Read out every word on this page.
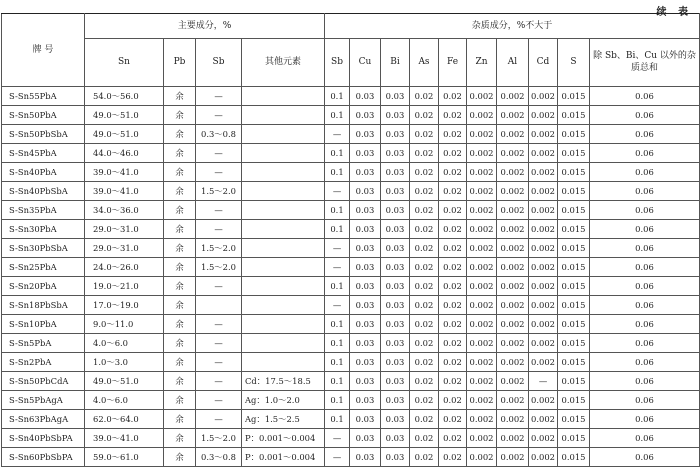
续 表
牌 号	主要成分，%				杂质成分，%不大于									
	Sn	Pb	Sb	其他元素	Sb	Cu	Bi	As	Fe	Zn	Al	Cd	S	除 Sb、Bi、Cu 以外的杂质总和
S-Sn55PbA	54.0～56.0	余	—		0.1	0.03	0.03	0.02	0.02	0.002	0.002	0.002	0.015	0.06
S-Sn50PbA	49.0～51.0	余	—		0.1	0.03	0.03	0.02	0.02	0.002	0.002	0.002	0.015	0.06
S-Sn50PbSbA	49.0～51.0	余	0.3～0.8		—	0.03	0.03	0.02	0.02	0.002	0.002	0.002	0.015	0.06
S-Sn45PbA	44.0～46.0	余	—		0.1	0.03	0.03	0.02	0.02	0.002	0.002	0.002	0.015	0.06
S-Sn40PbA	39.0～41.0	余	—		0.1	0.03	0.03	0.02	0.02	0.002	0.002	0.002	0.015	0.06
S-Sn40PbSbA	39.0～41.0	余	1.5～2.0		—	0.03	0.03	0.02	0.02	0.002	0.002	0.002	0.015	0.06
S-Sn35PbA	34.0～36.0	余	—		0.1	0.03	0.03	0.02	0.02	0.002	0.002	0.002	0.015	0.06
S-Sn30PbA	29.0～31.0	余	—		0.1	0.03	0.03	0.02	0.02	0.002	0.002	0.002	0.015	0.06
S-Sn30PbSbA	29.0～31.0	余	1.5～2.0		—	0.03	0.03	0.02	0.02	0.002	0.002	0.002	0.015	0.06
S-Sn25PbA	24.0～26.0	余	1.5～2.0		—	0.03	0.03	0.02	0.02	0.002	0.002	0.002	0.015	0.06
S-Sn20PbA	19.0～21.0	余	—		0.1	0.03	0.03	0.02	0.02	0.002	0.002	0.002	0.015	0.06
S-Sn18PbSbA	17.0～19.0	余			—	0.03	0.03	0.02	0.02	0.002	0.002	0.002	0.015	0.06
S-Sn10PbA	9.0～11.0	余	—		0.1	0.03	0.03	0.02	0.02	0.002	0.002	0.002	0.015	0.06
S-Sn5PbA	4.0～6.0	余	—		0.1	0.03	0.03	0.02	0.02	0.002	0.002	0.002	0.015	0.06
S-Sn2PbA	1.0～3.0	余	—		0.1	0.03	0.03	0.02	0.02	0.002	0.002	0.002	0.015	0.06
S-Sn50PbCdA	49.0～51.0	余	—	Cd：17.5～18.5	0.1	0.03	0.03	0.02	0.02	0.002	0.002	—	0.015	0.06
S-Sn5PbAgA	4.0～6.0	余	—	Ag：1.0～2.0	0.1	0.03	0.03	0.02	0.02	0.002	0.002	0.002	0.015	0.06
S-Sn63PbAgA	62.0～64.0	余	—	Ag：1.5～2.5	0.1	0.03	0.03	0.02	0.02	0.002	0.002	0.002	0.015	0.06
S-Sn40PbSbPA	39.0～41.0	余	1.5～2.0	P：0.001～0.004	—	0.03	0.03	0.02	0.02	0.002	0.002	0.002	0.015	0.06
S-Sn60PbSbPA	59.0～61.0	余	0.3～0.8	P：0.001～0.004	—	0.03	0.03	0.02	0.02	0.002	0.002	0.002	0.015	0.06
